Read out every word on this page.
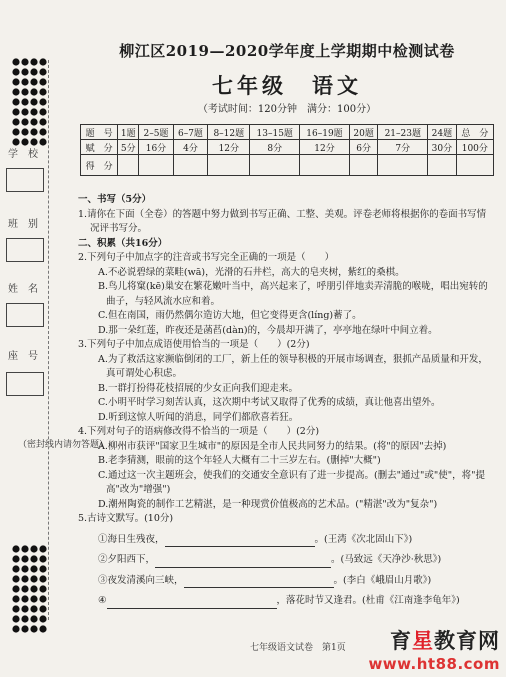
学　校
班　别
姓　名
座　号
（密封线内请勿答题）
柳江区2019—2020学年度上学期期中检测试卷
七年级　语文
（考试时间：120分钟　满分：100分）
题　号	1题	2–5题	6–7题	8–12题	13–15题	16–19题	20题	21–23题	24题	总　分
赋　分	5分	16分	4分	12分	8分	12分	6分	7分	30分	100分
得　分										

一、书写（5分）

1.请你在下面（全卷）的答题中努力做到书写正确、工整、美观。评卷老师将根据你的卷面书写情

况评书写分。

二、积累（共16分）

2.下列句子中加点字的注音或书写完全正确的一项是（　　）

A.不必说碧绿的菜畦(wā)，光滑的石井栏，高大的皂夹树，紫红的桑棋。

B.鸟儿将窠(kē)巢安在繁花嫩叶当中，高兴起来了，呼朋引伴地卖弄清脆的喉咙，唱出宛转的

曲子，与轻风流水应和着。

C.但在南国，雨仍然偶尔造访大地，但它变得更含(líng)蓄了。

D.那一朵红莲，昨夜还是菡萏(dàn)的，今晨却开满了，亭亭地在绿叶中间立着。

3.下列句子中加点成语使用恰当的一项是（　　）(2分)

A.为了救活这家濒临倒闭的工厂，新上任的领导积极的开展市场调查，狠抓产品质量和开发，

真可谓处心积虑。

B.一群打扮得花枝招展的少女正向我们迎走来。

C.小明平时学习刻苦认真，这次期中考试又取得了优秀的成绩，真让他喜出望外。

D.听到这惊人听闻的消息，同学们都欣喜若狂。

4.下列对句子的语病修改得不恰当的一项是（　　）(2分)

A.柳州市获评"国家卫生城市"的原因是全市人民共同努力的结果。(将"的原因"去掉)

B.老李猜测，眼前的这个年轻人大概有二十三岁左右。(删掉"大概")

C.通过这一次主题班会，使我们的交通安全意识有了进一步提高。(删去"通过"或"使"，将"提

高"改为"增强")

D.潮州陶瓷的制作工艺精湛，是一种现赏价值极高的艺术品。("精湛"改为"复杂")

5.古诗文默写。(10分)

①海日生残夜，	。(王湾《次北固山下》)

②夕阳西下，	。(马致远《天净沙·秋思》)

③夜发清溪向三峡，	。(李白《峨眉山月歌》)

④	，落花时节又逢君。(杜甫《江南逢李龟年》)

七年级语文试卷　第1页	育星教育网
www.ht88.com
